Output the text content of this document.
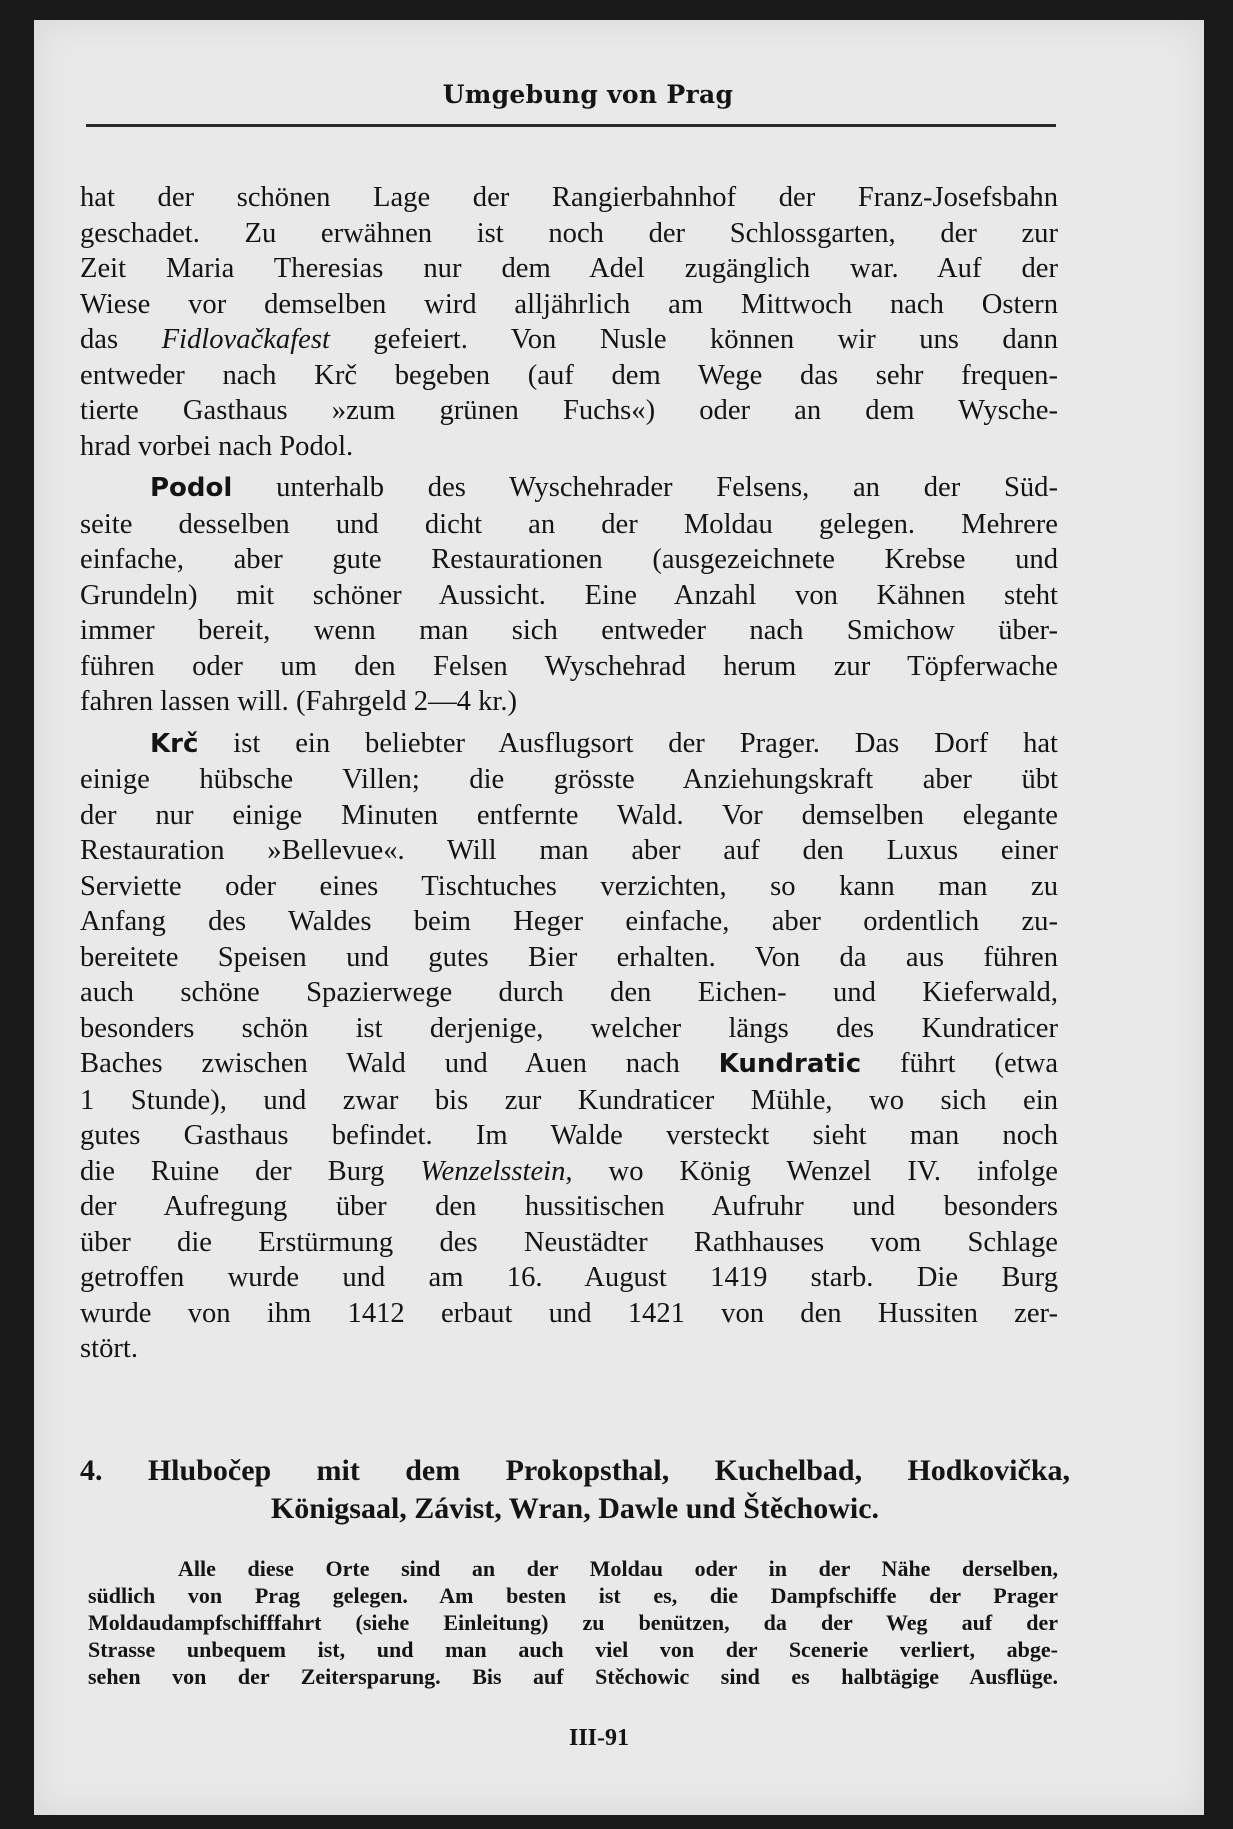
Umgebung von Prag
hat der schönen Lage der Rangierbahnhof der Franz-Josefsbahn
geschadet. Zu erwähnen ist noch der Schlossgarten, der zur
Zeit Maria Theresias nur dem Adel zugänglich war. Auf der
Wiese vor demselben wird alljährlich am Mittwoch nach Ostern
das Fidlovačkafest gefeiert. Von Nusle können wir uns dann
entweder nach Krč begeben (auf dem Wege das sehr frequen-
tierte Gasthaus »zum grünen Fuchs«) oder an dem Wysche-
hrad vorbei nach Podol.
Podol unterhalb des Wyschehrader Felsens, an der Süd-
seite desselben und dicht an der Moldau gelegen. Mehrere
einfache, aber gute Restaurationen (ausgezeichnete Krebse und
Grundeln) mit schöner Aussicht. Eine Anzahl von Kähnen steht
immer bereit, wenn man sich entweder nach Smichow über-
führen oder um den Felsen Wyschehrad herum zur Töpferwache
fahren lassen will. (Fahrgeld 2—4 kr.)
Krč ist ein beliebter Ausflugsort der Prager. Das Dorf hat
einige hübsche Villen; die grösste Anziehungskraft aber übt
der nur einige Minuten entfernte Wald. Vor demselben elegante
Restauration »Bellevue«. Will man aber auf den Luxus einer
Serviette oder eines Tischtuches verzichten, so kann man zu
Anfang des Waldes beim Heger einfache, aber ordentlich zu-
bereitete Speisen und gutes Bier erhalten. Von da aus führen
auch schöne Spazierwege durch den Eichen- und Kieferwald,
besonders schön ist derjenige, welcher längs des Kundraticer
Baches zwischen Wald und Auen nach Kundratic führt (etwa
1 Stunde), und zwar bis zur Kundraticer Mühle, wo sich ein
gutes Gasthaus befindet. Im Walde versteckt sieht man noch
die Ruine der Burg Wenzelsstein, wo König Wenzel IV. infolge
der Aufregung über den hussitischen Aufruhr und besonders
über die Erstürmung des Neustädter Rathhauses vom Schlage
getroffen wurde und am 16. August 1419 starb. Die Burg
wurde von ihm 1412 erbaut und 1421 von den Hussiten zer-
stört.
4. Hlubočep mit dem Prokopsthal, Kuchelbad, Hodkovička,
Königsaal, Závist, Wran, Dawle und Štěchowic.
Alle diese Orte sind an der Moldau oder in der Nähe derselben,
südlich von Prag gelegen. Am besten ist es, die Dampfschiffe der Prager
Moldaudampfschifffahrt (siehe Einleitung) zu benützen, da der Weg auf der
Strasse unbequem ist, und man auch viel von der Scenerie verliert, abge-
sehen von der Zeitersparung. Bis auf Stěchowic sind es halbtägige Ausflüge.
III-91
